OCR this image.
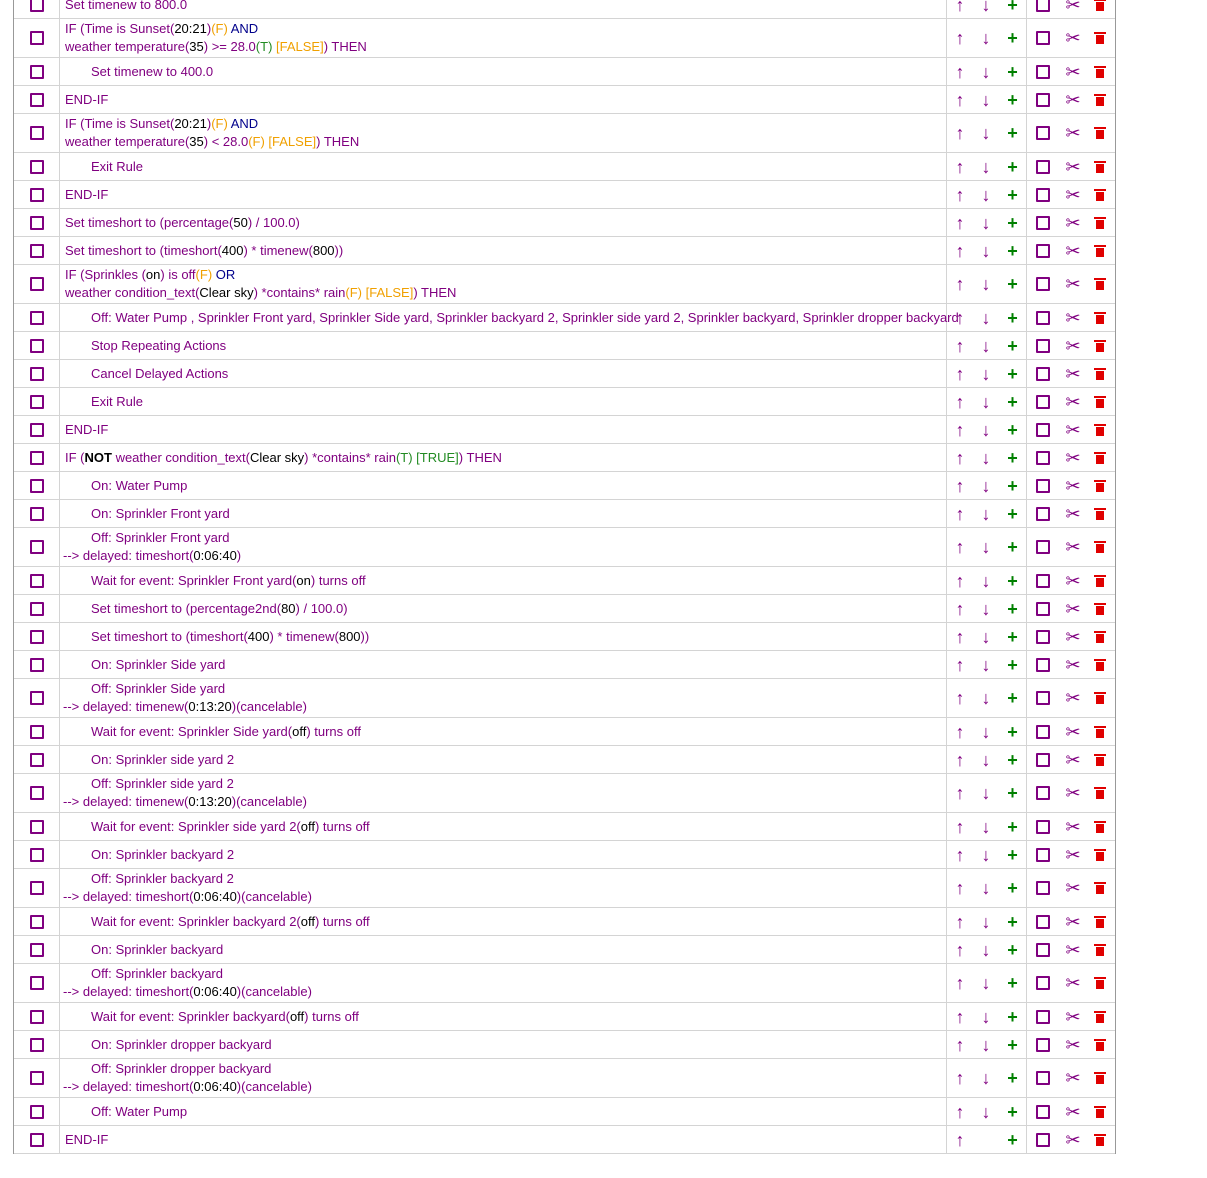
Set timenew to 800.0	↑ ↓ +	✂
IF (Time is Sunset(20:21)(F) AND
weather temperature(35) >= 28.0(T) [FALSE]) THEN	↑ ↓ +	✂
Set timenew to 400.0	↑ ↓ +	✂
END-IF	↑ ↓ +	✂
IF (Time is Sunset(20:21)(F) AND
weather temperature(35) < 28.0(F) [FALSE]) THEN	↑ ↓ +	✂
Exit Rule	↑ ↓ +	✂
END-IF	↑ ↓ +	✂
Set timeshort to (percentage(50) / 100.0)	↑ ↓ +	✂
Set timeshort to (timeshort(400) * timenew(800))	↑ ↓ +	✂
IF (Sprinkles (on) is off(F) OR
weather condition_text(Clear sky) *contains* rain(F) [FALSE]) THEN	↑ ↓ +	✂
Off: Water Pump , Sprinkler Front yard, Sprinkler Side yard, Sprinkler backyard 2, Sprinkler side yard 2, Sprinkler backyard, Sprinkler dropper backyard
↑ ↓ +	✂
Stop Repeating Actions	↑ ↓ +	✂
Cancel Delayed Actions	↑ ↓ +	✂
Exit Rule	↑ ↓ +	✂
END-IF	↑ ↓ +	✂
IF (NOT weather condition_text(Clear sky) *contains* rain(T) [TRUE]) THEN	↑ ↓ +	✂
On: Water Pump	↑ ↓ +	✂
On: Sprinkler Front yard	↑ ↓ +	✂
Off: Sprinkler Front yard
--> delayed: timeshort(0:06:40)	↑ ↓ +	✂
Wait for event: Sprinkler Front yard(on) turns off	↑ ↓ +	✂
Set timeshort to (percentage2nd(80) / 100.0)	↑ ↓ +	✂
Set timeshort to (timeshort(400) * timenew(800))	↑ ↓ +	✂
On: Sprinkler Side yard	↑ ↓ +	✂
Off: Sprinkler Side yard
--> delayed: timenew(0:13:20)(cancelable)	↑ ↓ +	✂
Wait for event: Sprinkler Side yard(off) turns off	↑ ↓ +	✂
On: Sprinkler side yard 2	↑ ↓ +	✂
Off: Sprinkler side yard 2
--> delayed: timenew(0:13:20)(cancelable)	↑ ↓ +	✂
Wait for event: Sprinkler side yard 2(off) turns off	↑ ↓ +	✂
On: Sprinkler backyard 2	↑ ↓ +	✂
Off: Sprinkler backyard 2
--> delayed: timeshort(0:06:40)(cancelable)	↑ ↓ +	✂
Wait for event: Sprinkler backyard 2(off) turns off	↑ ↓ +	✂
On: Sprinkler backyard	↑ ↓ +	✂
Off: Sprinkler backyard
--> delayed: timeshort(0:06:40)(cancelable)	↑ ↓ +	✂
Wait for event: Sprinkler backyard(off) turns off	↑ ↓ +	✂
On: Sprinkler dropper backyard	↑ ↓ +	✂
Off: Sprinkler dropper backyard
--> delayed: timeshort(0:06:40)(cancelable)	↑ ↓ +	✂
Off: Water Pump	↑ ↓ +	✂
END-IF	↑ +	✂
